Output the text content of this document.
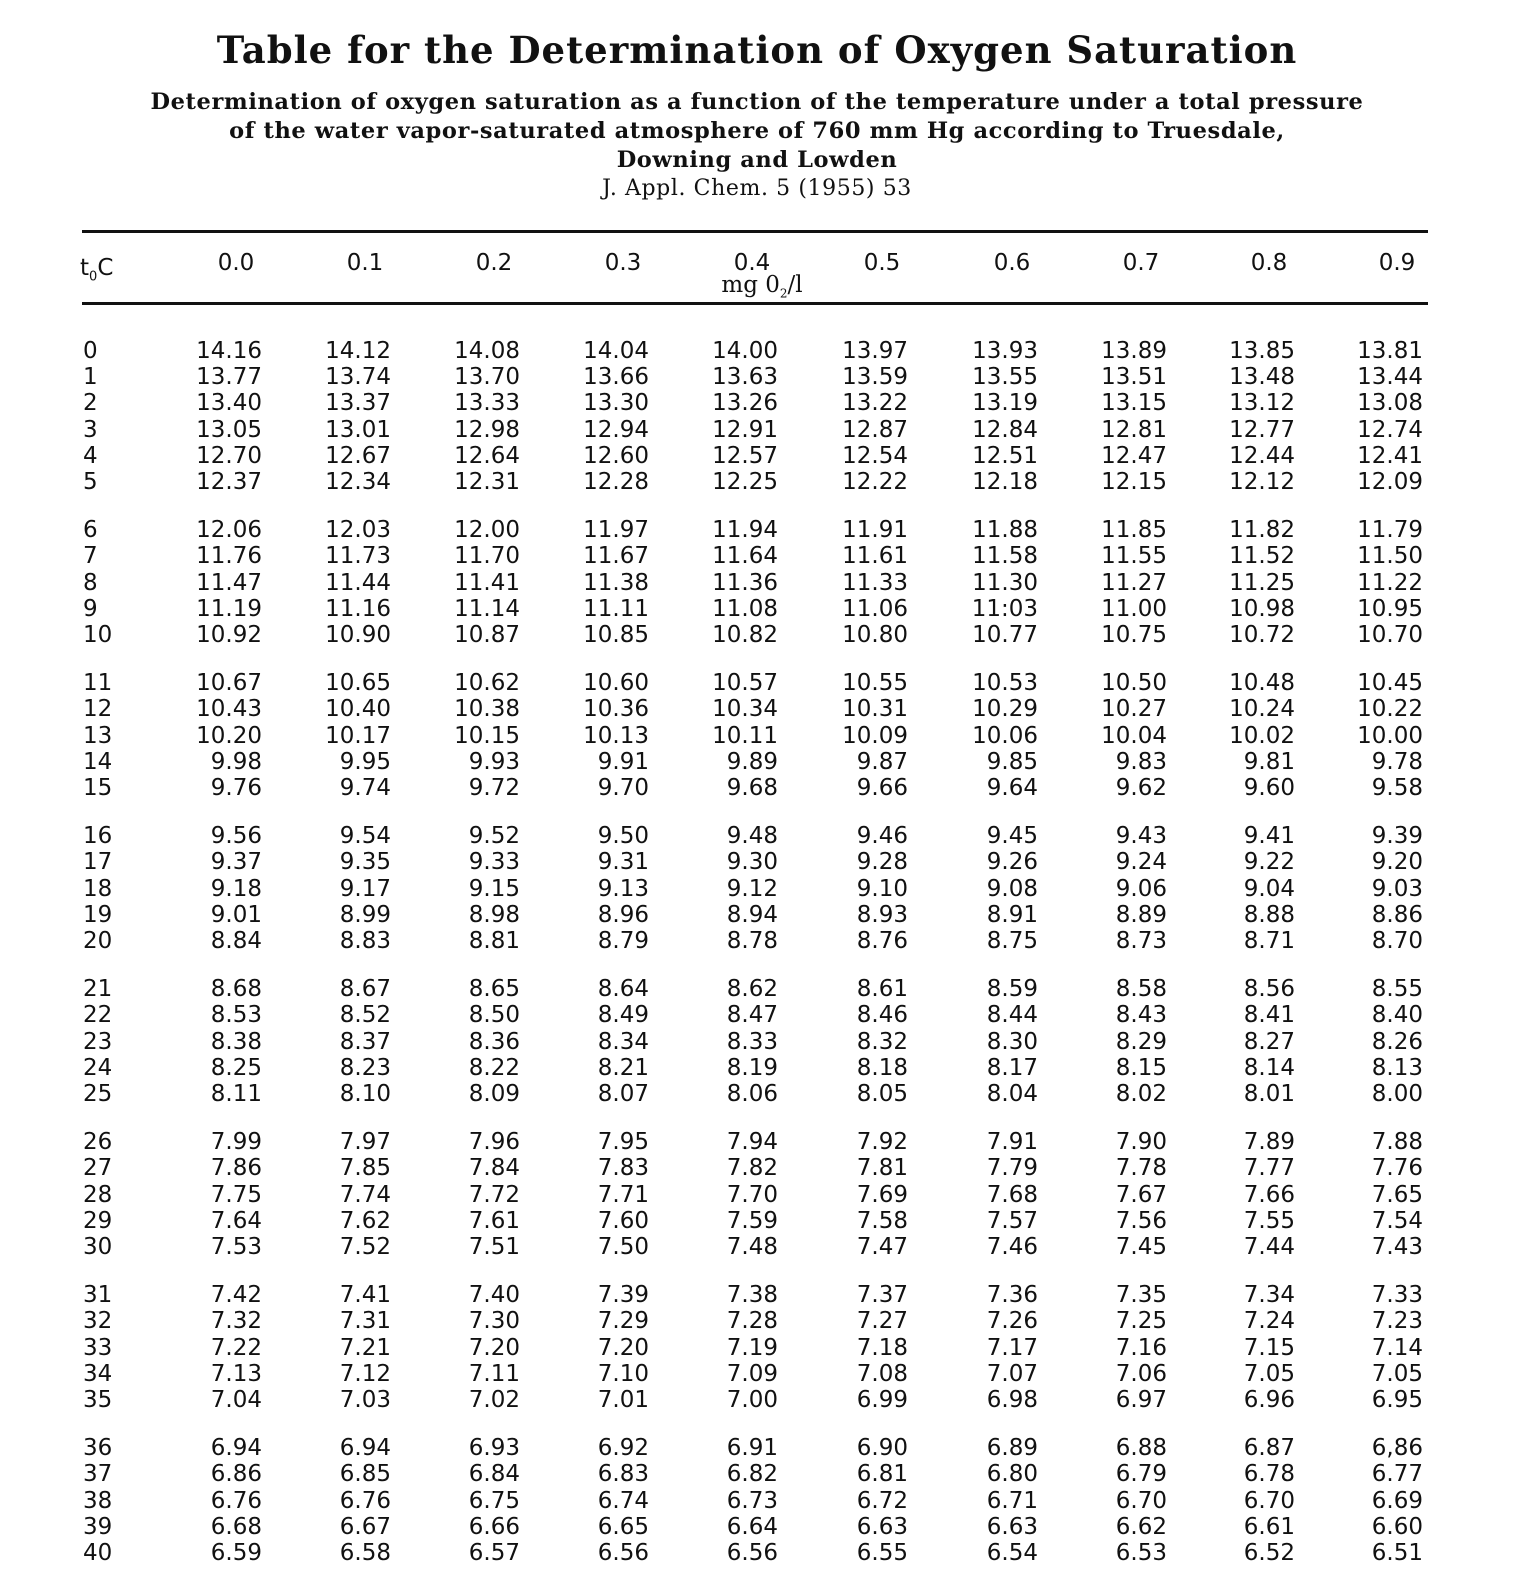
Table for the Determination of Oxygen Saturation
Determination of oxygen saturation as a function of the temperature under a total pressure
of the water vapor-saturated atmosphere of 760 mm Hg according to Truesdale,
Downing and Lowden
J. Appl. Chem. 5 (1955) 53
$t_0C$	0.0	0.1	0.2	0.3	0.4	0.5	0.6	0.7	0.8	0.9
mg $0_2/l$
0	14.16	14.12	14.08	14.04	14.00	13.97	13.93	13.89	13.85	13.81
1	13.77	13.74	13.70	13.66	13.63	13.59	13.55	13.51	13.48	13.44
2	13.40	13.37	13.33	13.30	13.26	13.22	13.19	13.15	13.12	13.08
3	13.05	13.01	12.98	12.94	12.91	12.87	12.84	12.81	12.77	12.74
4	12.70	12.67	12.64	12.60	12.57	12.54	12.51	12.47	12.44	12.41
5	12.37	12.34	12.31	12.28	12.25	12.22	12.18	12.15	12.12	12.09
6	12.06	12.03	12.00	11.97	11.94	11.91	11.88	11.85	11.82	11.79
7	11.76	11.73	11.70	11.67	11.64	11.61	11.58	11.55	11.52	11.50
8	11.47	11.44	11.41	11.38	11.36	11.33	11.30	11.27	11.25	11.22
9	11.19	11.16	11.14	11.11	11.08	11.06	11:03	11.00	10.98	10.95
10	10.92	10.90	10.87	10.85	10.82	10.80	10.77	10.75	10.72	10.70
11	10.67	10.65	10.62	10.60	10.57	10.55	10.53	10.50	10.48	10.45
12	10.43	10.40	10.38	10.36	10.34	10.31	10.29	10.27	10.24	10.22
13	10.20	10.17	10.15	10.13	10.11	10.09	10.06	10.04	10.02	10.00
14	9.98	9.95	9.93	9.91	9.89	9.87	9.85	9.83	9.81	9.78
15	9.76	9.74	9.72	9.70	9.68	9.66	9.64	9.62	9.60	9.58
16	9.56	9.54	9.52	9.50	9.48	9.46	9.45	9.43	9.41	9.39
17	9.37	9.35	9.33	9.31	9.30	9.28	9.26	9.24	9.22	9.20
18	9.18	9.17	9.15	9.13	9.12	9.10	9.08	9.06	9.04	9.03
19	9.01	8.99	8.98	8.96	8.94	8.93	8.91	8.89	8.88	8.86
20	8.84	8.83	8.81	8.79	8.78	8.76	8.75	8.73	8.71	8.70
21	8.68	8.67	8.65	8.64	8.62	8.61	8.59	8.58	8.56	8.55
22	8.53	8.52	8.50	8.49	8.47	8.46	8.44	8.43	8.41	8.40
23	8.38	8.37	8.36	8.34	8.33	8.32	8.30	8.29	8.27	8.26
24	8.25	8.23	8.22	8.21	8.19	8.18	8.17	8.15	8.14	8.13
25	8.11	8.10	8.09	8.07	8.06	8.05	8.04	8.02	8.01	8.00
26	7.99	7.97	7.96	7.95	7.94	7.92	7.91	7.90	7.89	7.88
27	7.86	7.85	7.84	7.83	7.82	7.81	7.79	7.78	7.77	7.76
28	7.75	7.74	7.72	7.71	7.70	7.69	7.68	7.67	7.66	7.65
29	7.64	7.62	7.61	7.60	7.59	7.58	7.57	7.56	7.55	7.54
30	7.53	7.52	7.51	7.50	7.48	7.47	7.46	7.45	7.44	7.43
31	7.42	7.41	7.40	7.39	7.38	7.37	7.36	7.35	7.34	7.33
32	7.32	7.31	7.30	7.29	7.28	7.27	7.26	7.25	7.24	7.23
33	7.22	7.21	7.20	7.20	7.19	7.18	7.17	7.16	7.15	7.14
34	7.13	7.12	7.11	7.10	7.09	7.08	7.07	7.06	7.05	7.05
35	7.04	7.03	7.02	7.01	7.00	6.99	6.98	6.97	6.96	6.95
36	6.94	6.94	6.93	6.92	6.91	6.90	6.89	6.88	6.87	6,86
37	6.86	6.85	6.84	6.83	6.82	6.81	6.80	6.79	6.78	6.77
38	6.76	6.76	6.75	6.74	6.73	6.72	6.71	6.70	6.70	6.69
39	6.68	6.67	6.66	6.65	6.64	6.63	6.63	6.62	6.61	6.60
40	6.59	6.58	6.57	6.56	6.56	6.55	6.54	6.53	6.52	6.51
